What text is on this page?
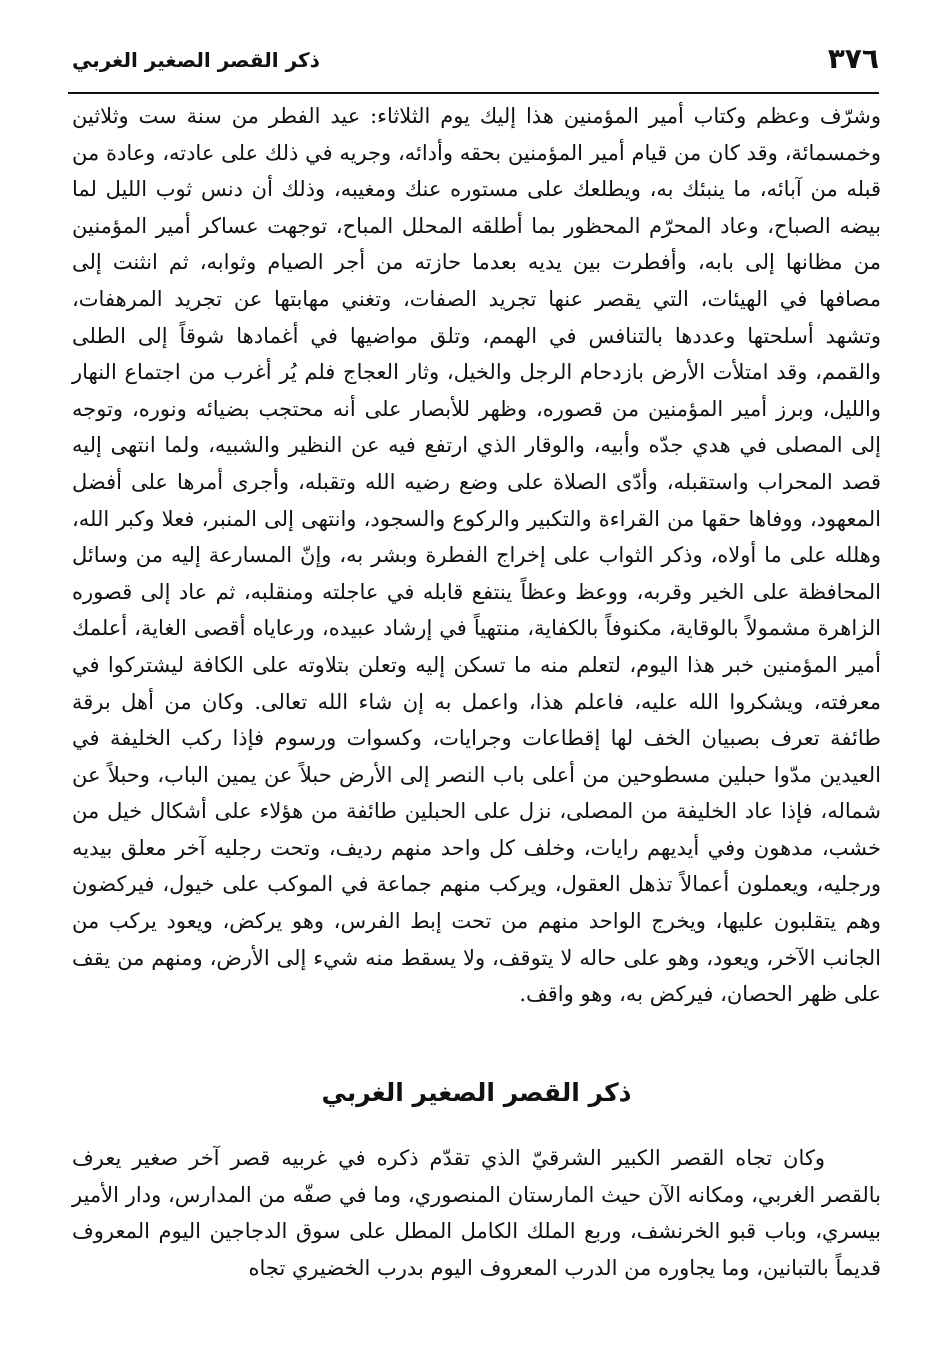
٣٧٦
ذكر القصر الصغير الغربي

وشرّف وعظم وكتاب أمير المؤمنين هذا إليك يوم الثلاثاء: عيد الفطر من سنة ست وثلاثين وخمسمائة، وقد كان من قيام أمير المؤمنين بحقه وأدائه، وجريه في ذلك على عادته، وعادة من قبله من آبائه، ما ينبئك به، ويطلعك على مستوره عنك ومغيبه، وذلك أن دنس ثوب الليل لما بيضه الصباح، وعاد المحرّم المحظور بما أطلقه المحلل المباح، توجهت عساكر أمير المؤمنين من مظانها إلى بابه، وأفطرت بين يديه بعدما حازته من أجر الصيام وثوابه، ثم انثنت إلى مصافها في الهيئات، التي يقصر عنها تجريد الصفات، وتغني مهابتها عن تجريد المرهفات، وتشهد أسلحتها وعددها بالتنافس في الهمم، وتلق مواضيها في أغمادها شوقاً إلى الطلى والقمم، وقد امتلأت الأرض بازدحام الرجل والخيل، وثار العجاج فلم يُر أغرب من اجتماع النهار والليل، وبرز أمير المؤمنين من قصوره، وظهر للأبصار على أنه محتجب بضيائه ونوره، وتوجه إلى المصلى في هدي جدّه وأبيه، والوقار الذي ارتفع فيه عن النظير والشبيه، ولما انتهى إليه قصد المحراب واستقبله، وأدّى الصلاة على وضع رضيه الله وتقبله، وأجرى أمرها على أفضل المعهود، ووفاها حقها من القراءة والتكبير والركوع والسجود، وانتهى إلى المنبر، فعلا وكبر الله، وهلله على ما أولاه، وذكر الثواب على إخراج الفطرة وبشر به، وإنّ المسارعة إليه من وسائل المحافظة على الخير وقربه، ووعظ وعظاً ينتفع قابله في عاجلته ومنقلبه، ثم عاد إلى قصوره الزاهرة مشمولاً بالوقاية، مكنوفاً بالكفاية، منتهياً في إرشاد عبيده، ورعاياه أقصى الغاية، أعلمك أمير المؤمنين خبر هذا اليوم، لتعلم منه ما تسكن إليه وتعلن بتلاوته على الكافة ليشتركوا في معرفته، ويشكروا الله عليه، فاعلم هذا، واعمل به إن شاء الله تعالى. وكان من أهل برقة طائفة تعرف بصبيان الخف لها إقطاعات وجرايات، وكسوات ورسوم فإذا ركب الخليفة في العيدين مدّوا حبلين مسطوحين من أعلى باب النصر إلى الأرض حبلاً عن يمين الباب، وحبلاً عن شماله، فإذا عاد الخليفة من المصلى، نزل على الحبلين طائفة من هؤلاء على أشكال خيل من خشب، مدهون وفي أيديهم رايات، وخلف كل واحد منهم رديف، وتحت رجليه آخر معلق بيديه ورجليه، ويعملون أعمالاً تذهل العقول، ويركب منهم جماعة في الموكب على خيول، فيركضون وهم يتقلبون عليها، ويخرج الواحد منهم من تحت إبط الفرس، وهو يركض، ويعود يركب من الجانب الآخر، ويعود، وهو على حاله لا يتوقف، ولا يسقط منه شيء إلى الأرض، ومنهم من يقف على ظهر الحصان، فيركض به، وهو واقف.

ذكر القصر الصغير الغربي

وكان تجاه القصر الكبير الشرقيّ الذي تقدّم ذكره في غربيه قصر آخر صغير يعرف بالقصر الغربي، ومكانه الآن حيث المارستان المنصوري، وما في صفّه من المدارس، ودار الأمير بيسري، وباب قبو الخرنشف، وربع الملك الكامل المطل على سوق الدجاجين اليوم المعروف قديماً بالتبانين، وما يجاوره من الدرب المعروف اليوم بدرب الخضيري تجاه
